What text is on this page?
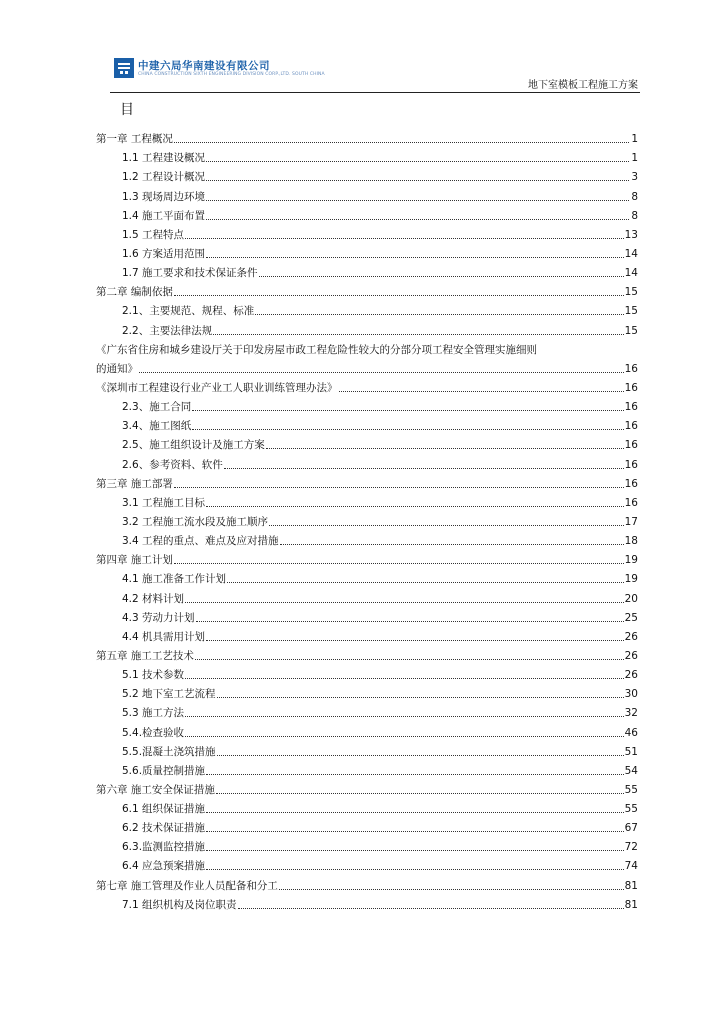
中建六局华南建设有限公司
CHINA CONSTRUCTION SIXTH ENGINEERING DIVISION CORP.,LTD. SOUTH CHINA
地下室模板工程施工方案
目
第一章 工程概况	1
1.1 工程建设概况	1
1.2 工程设计概况	3
1.3 现场周边环境	8
1.4 施工平面布置	8
1.5 工程特点	13
1.6 方案适用范围	14
1.7 施工要求和技术保证条件	14
第二章 编制依据	15
2.1、主要规范、规程、标准	15
2.2、主要法律法规	15
《广东省住房和城乡建设厅关于印发房屋市政工程危险性较大的分部分项工程安全管理实施细则
的通知》	16
《深圳市工程建设行业产业工人职业训练管理办法》	16
2.3、施工合同	16
3.4、施工图纸	16
2.5、施工组织设计及施工方案	16
2.6、参考资料、软件	16
第三章 施工部署	16
3.1 工程施工目标	16
3.2 工程施工流水段及施工顺序	17
3.4 工程的重点、难点及应对措施	18
第四章 施工计划	19
4.1 施工准备工作计划	19
4.2 材料计划	20
4.3 劳动力计划	25
4.4 机具需用计划	26
第五章 施工工艺技术	26
5.1 技术参数	26
5.2 地下室工艺流程	30
5.3 施工方法	32
5.4.检查验收	46
5.5.混凝土浇筑措施	51
5.6.质量控制措施	54
第六章 施工安全保证措施	55
6.1 组织保证措施	55
6.2 技术保证措施	67
6.3.监测监控措施	72
6.4 应急预案措施	74
第七章 施工管理及作业人员配备和分工	81
7.1 组织机构及岗位职责	81
